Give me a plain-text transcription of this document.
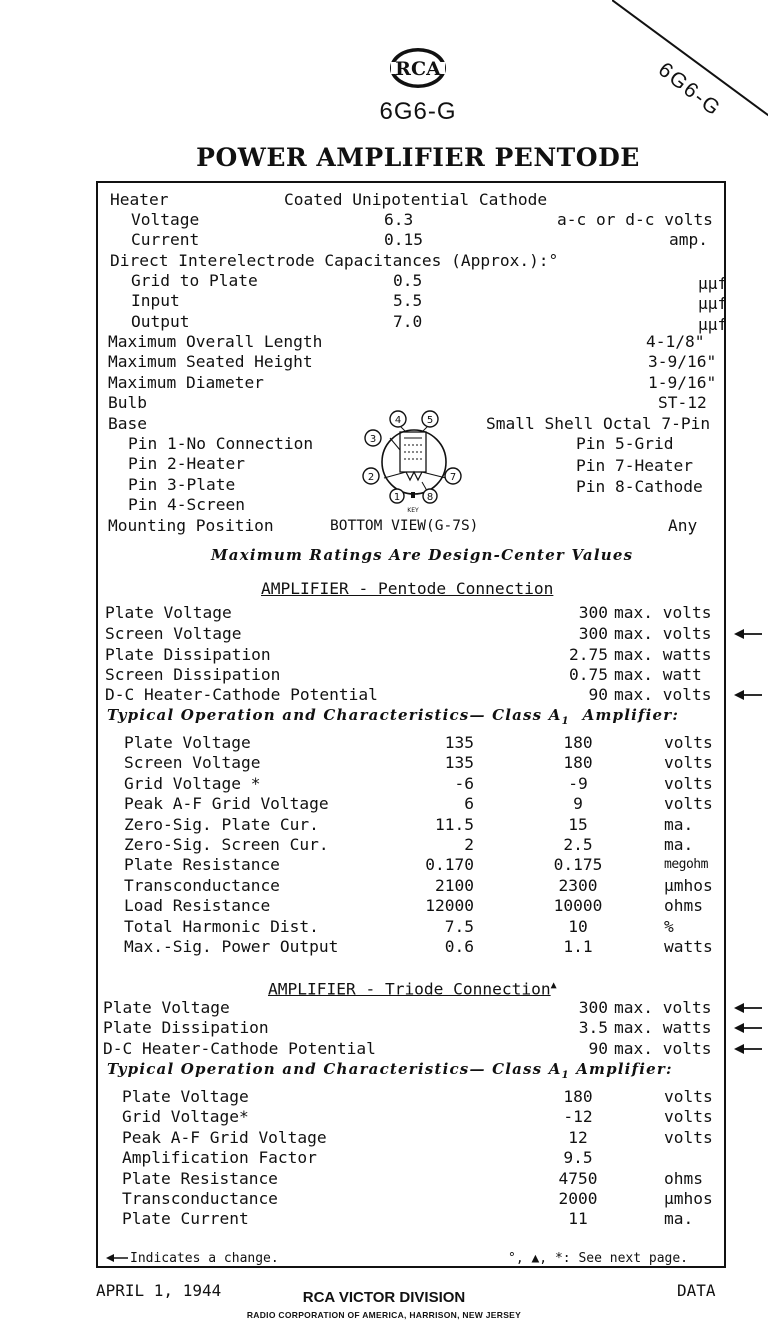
RCA
6G6-G
POWER AMPLIFIER PENTODE
6G6-G
Heater	Coated Unipotential Cathode
Voltage	6.3	a-c or d-c volts
Current	0.15	amp.
Direct Interelectrode Capacitances (Approx.):°
Grid to Plate	0.5	μμf
Input	5.5	μμf
Output	7.0	μμf
Maximum Overall Length	4-1/8"
Maximum Seated Height	3-9/16"
Maximum Diameter	1-9/16"
Bulb	ST-12
Base	Small Shell Octal 7-Pin
Pin 1-No Connection
Pin 2-Heater
Pin 3-Plate
Pin 4-Screen
Pin 5-Grid
Pin 7-Heater
Pin 8-Cathode
1
2
3
4	5
7
8
KEY
Mounting Position	BOTTOM VIEW(G-7S)	Any
Maximum Ratings Are Design-Center Values
AMPLIFIER - Pentode Connection
Plate Voltage	300 max. volts
Screen Voltage	300 max. volts
Plate Dissipation	2.75 max. watts
Screen Dissipation	0.75 max. watt
D-C Heater-Cathode Potential	90 max. volts
Typical Operation and Characteristics— Class $A_1$ Amplifier:
Plate Voltage	135	180	volts
Screen Voltage	135	180	volts
Grid Voltage *	-6	-9	volts
Peak A-F Grid Voltage	6	9	volts
Zero-Sig. Plate Cur.	11.5	15	ma.
Zero-Sig. Screen Cur.	2	2.5	ma.
Plate Resistance	0.170	0.175	megohm
Transconductance	2100	2300	μmhos
Load Resistance	12000	10000	ohms
Total Harmonic Dist.	7.5	10	%
Max.-Sig. Power Output	0.6	1.1	watts
AMPLIFIER - Triode Connection▲
Plate Voltage	300 max. volts
Plate Dissipation	3.5 max. watts
D-C Heater-Cathode Potential	90 max. volts
Typical Operation and Characteristics— Class $A_1$ Amplifier:
Plate Voltage	180	volts
Grid Voltage*	-12	volts
Peak A-F Grid Voltage	12	volts
Amplification Factor	9.5
Plate Resistance	4750	ohms
Transconductance	2000	μmhos
Plate Current	11	ma.
Indicates a change.	°, ▲, *: See next page.
APRIL 1, 1944	DATA
RCA VICTOR DIVISION
RADIO CORPORATION OF AMERICA, HARRISON, NEW JERSEY
